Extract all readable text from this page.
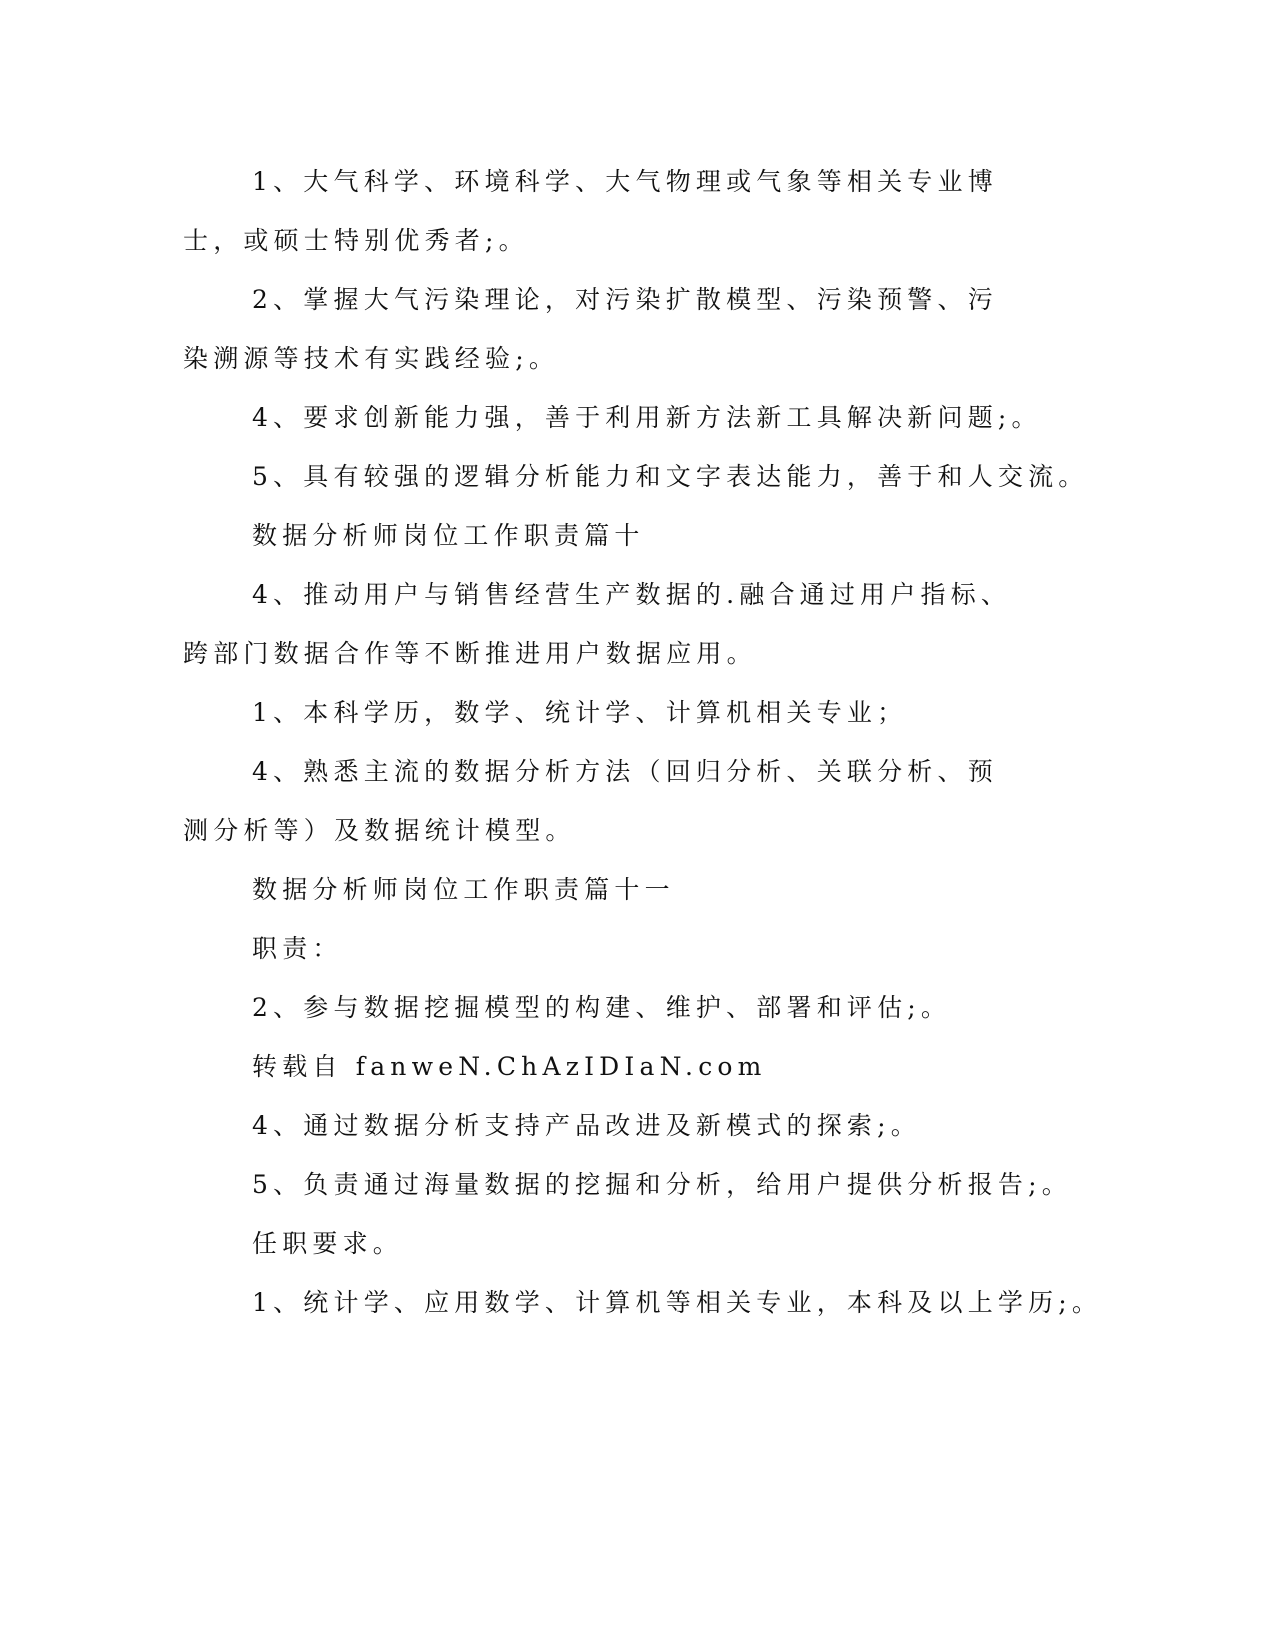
1、大气科学、环境科学、大气物理或气象等相关专业博士，或硕士特别优秀者;。

2、掌握大气污染理论，对污染扩散模型、污染预警、污染溯源等技术有实践经验;。

4、要求创新能力强，善于利用新方法新工具解决新问题;。

5、具有较强的逻辑分析能力和文字表达能力，善于和人交流。

数据分析师岗位工作职责篇十

4、推动用户与销售经营生产数据的.融合通过用户指标、跨部门数据合作等不断推进用户数据应用。

1、本科学历，数学、统计学、计算机相关专业；

4、熟悉主流的数据分析方法（回归分析、关联分析、预测分析等）及数据统计模型。

数据分析师岗位工作职责篇十一

职责：

2、参与数据挖掘模型的构建、维护、部署和评估;。

转载自 fanweN.ChAzIDIaN.com

4、通过数据分析支持产品改进及新模式的探索;。

5、负责通过海量数据的挖掘和分析，给用户提供分析报告;。

任职要求。

1、统计学、应用数学、计算机等相关专业，本科及以上学历;。
